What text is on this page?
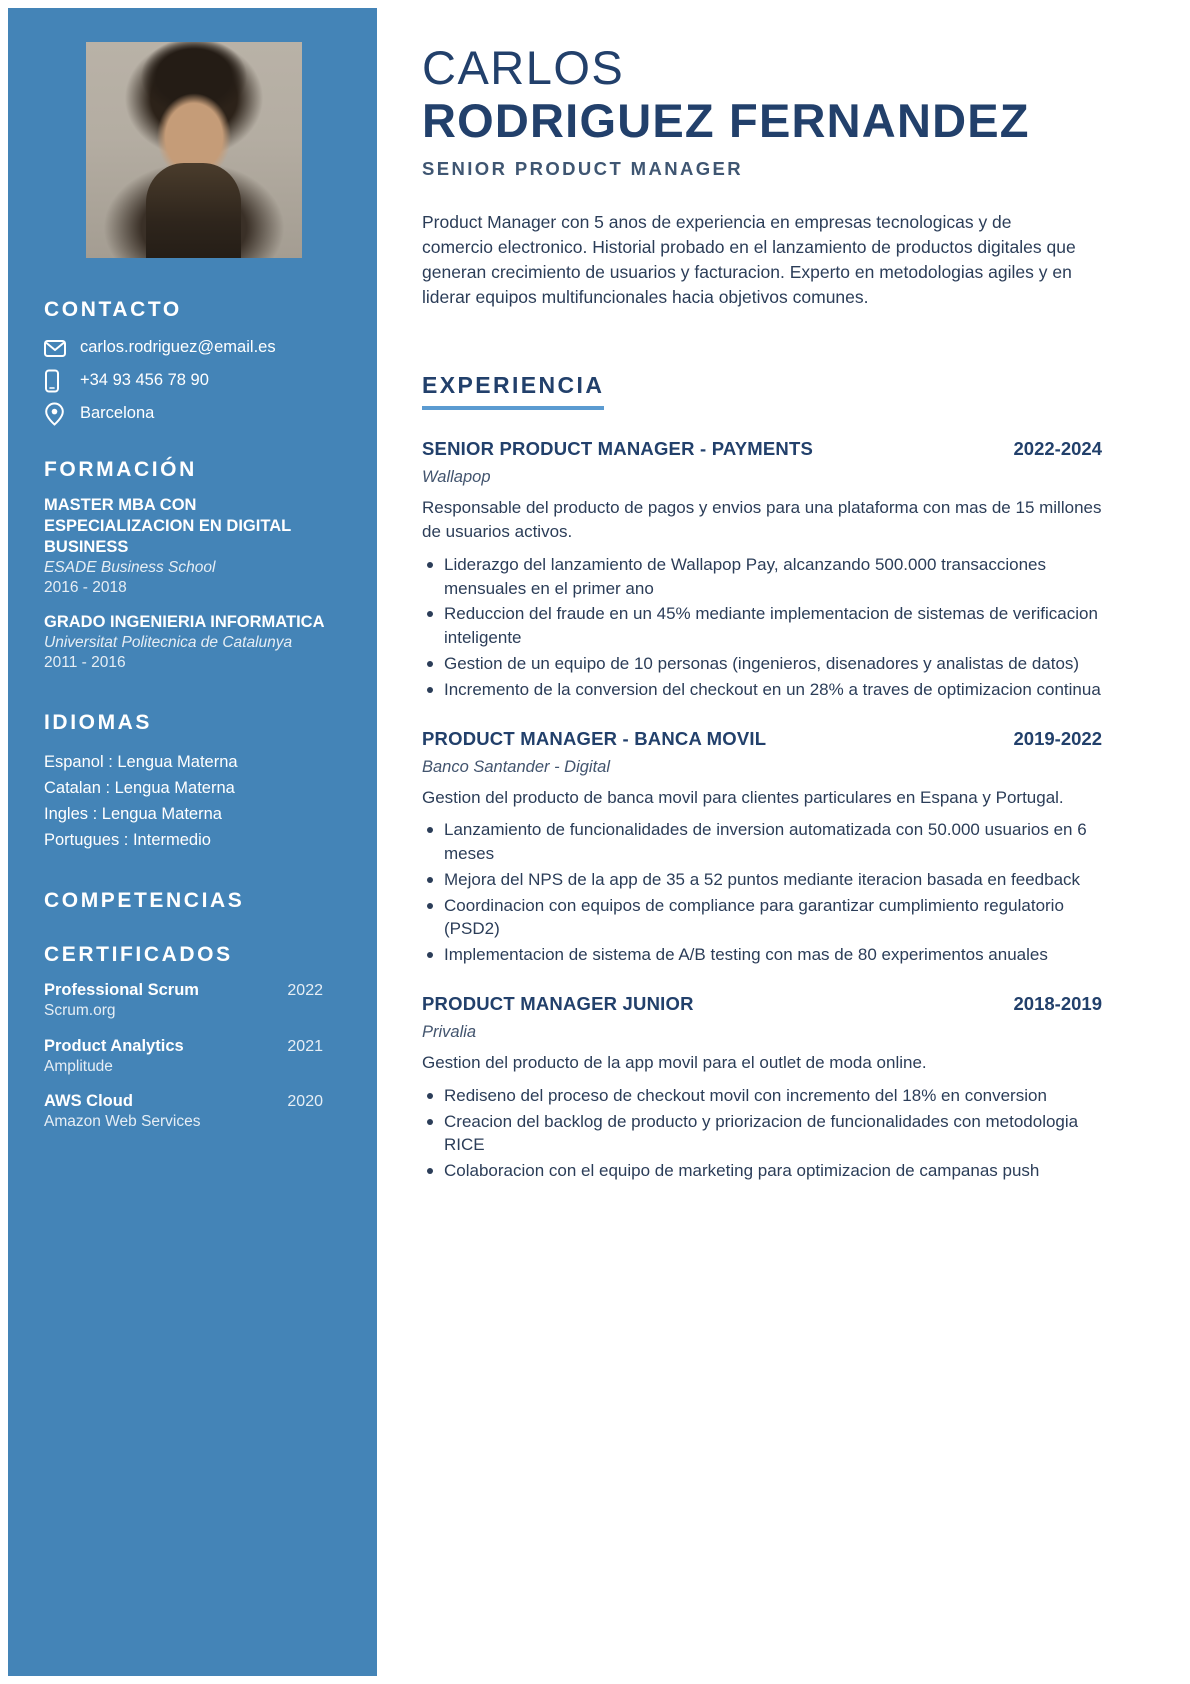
CONTACTO
carlos.rodriguez@email.es
+34 93 456 78 90
Barcelona
FORMACIÓN
MASTER MBA CON ESPECIALIZACION EN DIGITAL BUSINESS
ESADE Business School
2016 - 2018
GRADO INGENIERIA INFORMATICA
Universitat Politecnica de Catalunya
2011 - 2016
IDIOMAS
Espanol : Lengua Materna
Catalan : Lengua Materna
Ingles : Lengua Materna
Portugues : Intermedio
COMPETENCIAS
CERTIFICADOS
Professional Scrum	2022
Scrum.org
Product Analytics	2021
Amplitude
AWS Cloud	2020
Amazon Web Services
CARLOS
RODRIGUEZ FERNANDEZ
SENIOR PRODUCT MANAGER

Product Manager con 5 anos de experiencia en empresas tecnologicas y de comercio electronico. Historial probado en el lanzamiento de productos digitales que generan crecimiento de usuarios y facturacion. Experto en metodologias agiles y en liderar equipos multifuncionales hacia objetivos comunes.

EXPERIENCIA
SENIOR PRODUCT MANAGER - PAYMENTS	2022-2024
Wallapop
Responsable del producto de pagos y envios para una plataforma con mas de 15 millones de usuarios activos.
Liderazgo del lanzamiento de Wallapop Pay, alcanzando 500.000 transacciones mensuales en el primer ano
Reduccion del fraude en un 45% mediante implementacion de sistemas de verificacion inteligente
Gestion de un equipo de 10 personas (ingenieros, disenadores y analistas de datos)
Incremento de la conversion del checkout en un 28% a traves de optimizacion continua
PRODUCT MANAGER - BANCA MOVIL	2019-2022
Banco Santander - Digital
Gestion del producto de banca movil para clientes particulares en Espana y Portugal.
Lanzamiento de funcionalidades de inversion automatizada con 50.000 usuarios en 6 meses
Mejora del NPS de la app de 35 a 52 puntos mediante iteracion basada en feedback
Coordinacion con equipos de compliance para garantizar cumplimiento regulatorio (PSD2)
Implementacion de sistema de A/B testing con mas de 80 experimentos anuales
PRODUCT MANAGER JUNIOR	2018-2019
Privalia
Gestion del producto de la app movil para el outlet de moda online.
Rediseno del proceso de checkout movil con incremento del 18% en conversion
Creacion del backlog de producto y priorizacion de funcionalidades con metodologia RICE
Colaboracion con el equipo de marketing para optimizacion de campanas push
